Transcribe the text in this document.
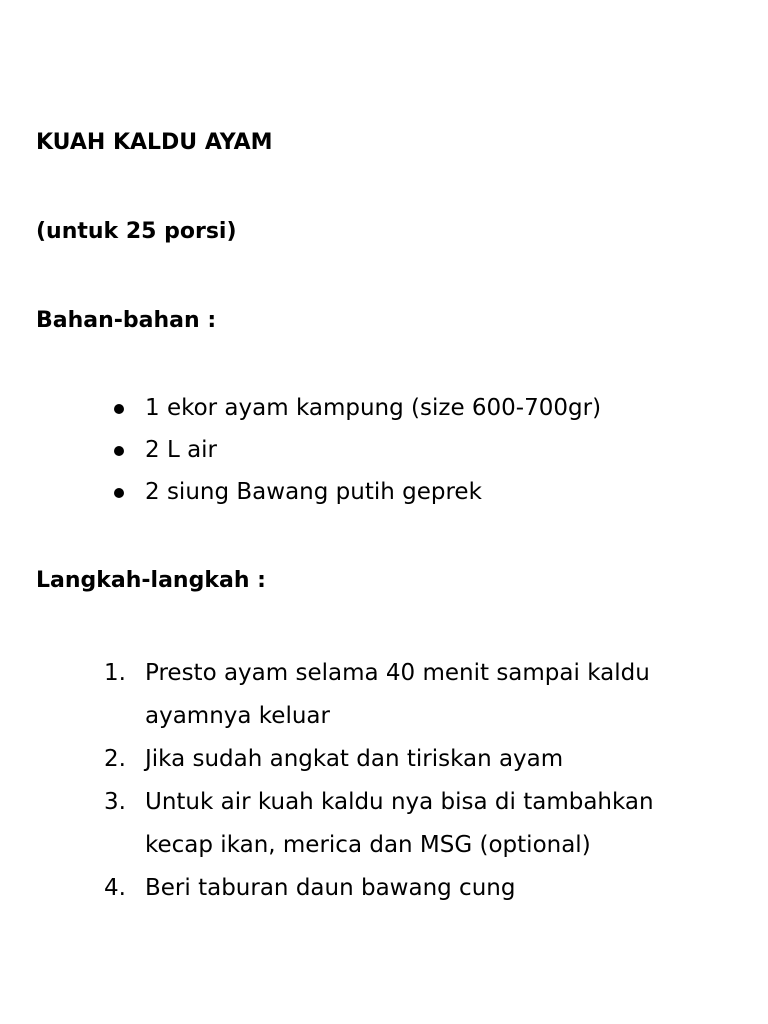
KUAH KALDU AYAM

(untuk 25 porsi)

Bahan-bahan :
1 ekor ayam kampung (size 600-700gr)
2 L air
2 siung Bawang putih geprek
Langkah-langkah :
1. Presto ayam selama 40 menit sampai kaldu ayamnya keluar
2. Jika sudah angkat dan tiriskan ayam
3. Untuk air kuah kaldu nya bisa di tambahkan kecap ikan, merica dan MSG (optional)
4. Beri taburan daun bawang cung
